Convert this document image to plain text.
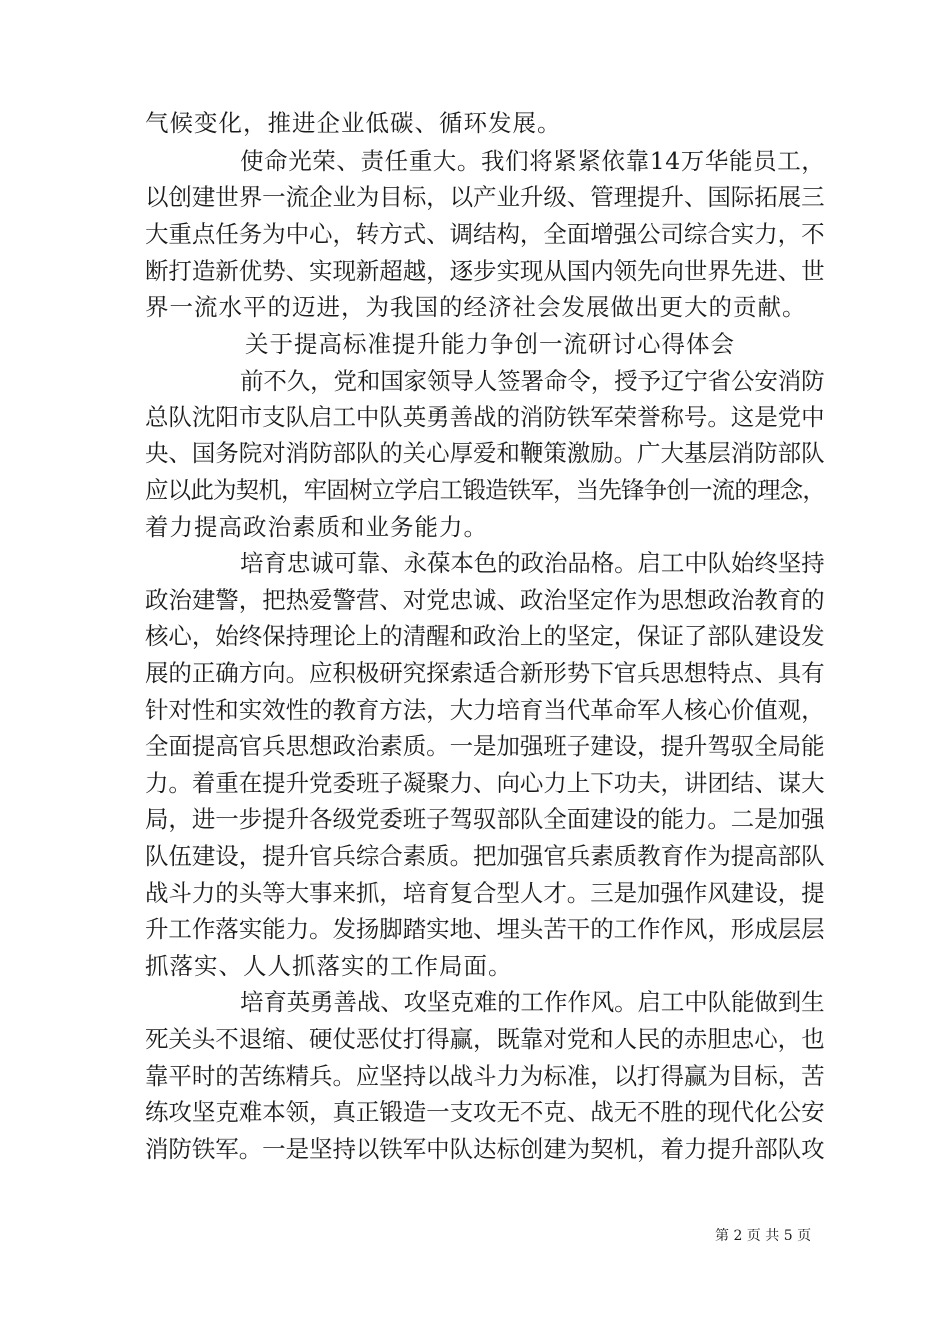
气候变化，推进企业低碳、循环发展。
使命光荣、责任重大。我们将紧紧依靠14万华能员工，
以创建世界一流企业为目标，以产业升级、管理提升、国际拓展三
大重点任务为中心，转方式、调结构，全面增强公司综合实力，不
断打造新优势、实现新超越，逐步实现从国内领先向世界先进、世
界一流水平的迈进，为我国的经济社会发展做出更大的贡献。
关于提高标准提升能力争创一流研讨心得体会
前不久，党和国家领导人签署命令，授予辽宁省公安消防
总队沈阳市支队启工中队英勇善战的消防铁军荣誉称号。这是党中
央、国务院对消防部队的关心厚爱和鞭策激励。广大基层消防部队
应以此为契机，牢固树立学启工锻造铁军，当先锋争创一流的理念，
着力提高政治素质和业务能力。
培育忠诚可靠、永葆本色的政治品格。启工中队始终坚持
政治建警，把热爱警营、对党忠诚、政治坚定作为思想政治教育的
核心，始终保持理论上的清醒和政治上的坚定，保证了部队建设发
展的正确方向。应积极研究探索适合新形势下官兵思想特点、具有
针对性和实效性的教育方法，大力培育当代革命军人核心价值观，
全面提高官兵思想政治素质。一是加强班子建设，提升驾驭全局能
力。着重在提升党委班子凝聚力、向心力上下功夫，讲团结、谋大
局，进一步提升各级党委班子驾驭部队全面建设的能力。二是加强
队伍建设，提升官兵综合素质。把加强官兵素质教育作为提高部队
战斗力的头等大事来抓，培育复合型人才。三是加强作风建设，提
升工作落实能力。发扬脚踏实地、埋头苦干的工作作风，形成层层
抓落实、人人抓落实的工作局面。
培育英勇善战、攻坚克难的工作作风。启工中队能做到生
死关头不退缩、硬仗恶仗打得赢，既靠对党和人民的赤胆忠心，也
靠平时的苦练精兵。应坚持以战斗力为标准，以打得赢为目标，苦
练攻坚克难本领，真正锻造一支攻无不克、战无不胜的现代化公安
消防铁军。一是坚持以铁军中队达标创建为契机，着力提升部队攻
第 2 页 共 5 页
